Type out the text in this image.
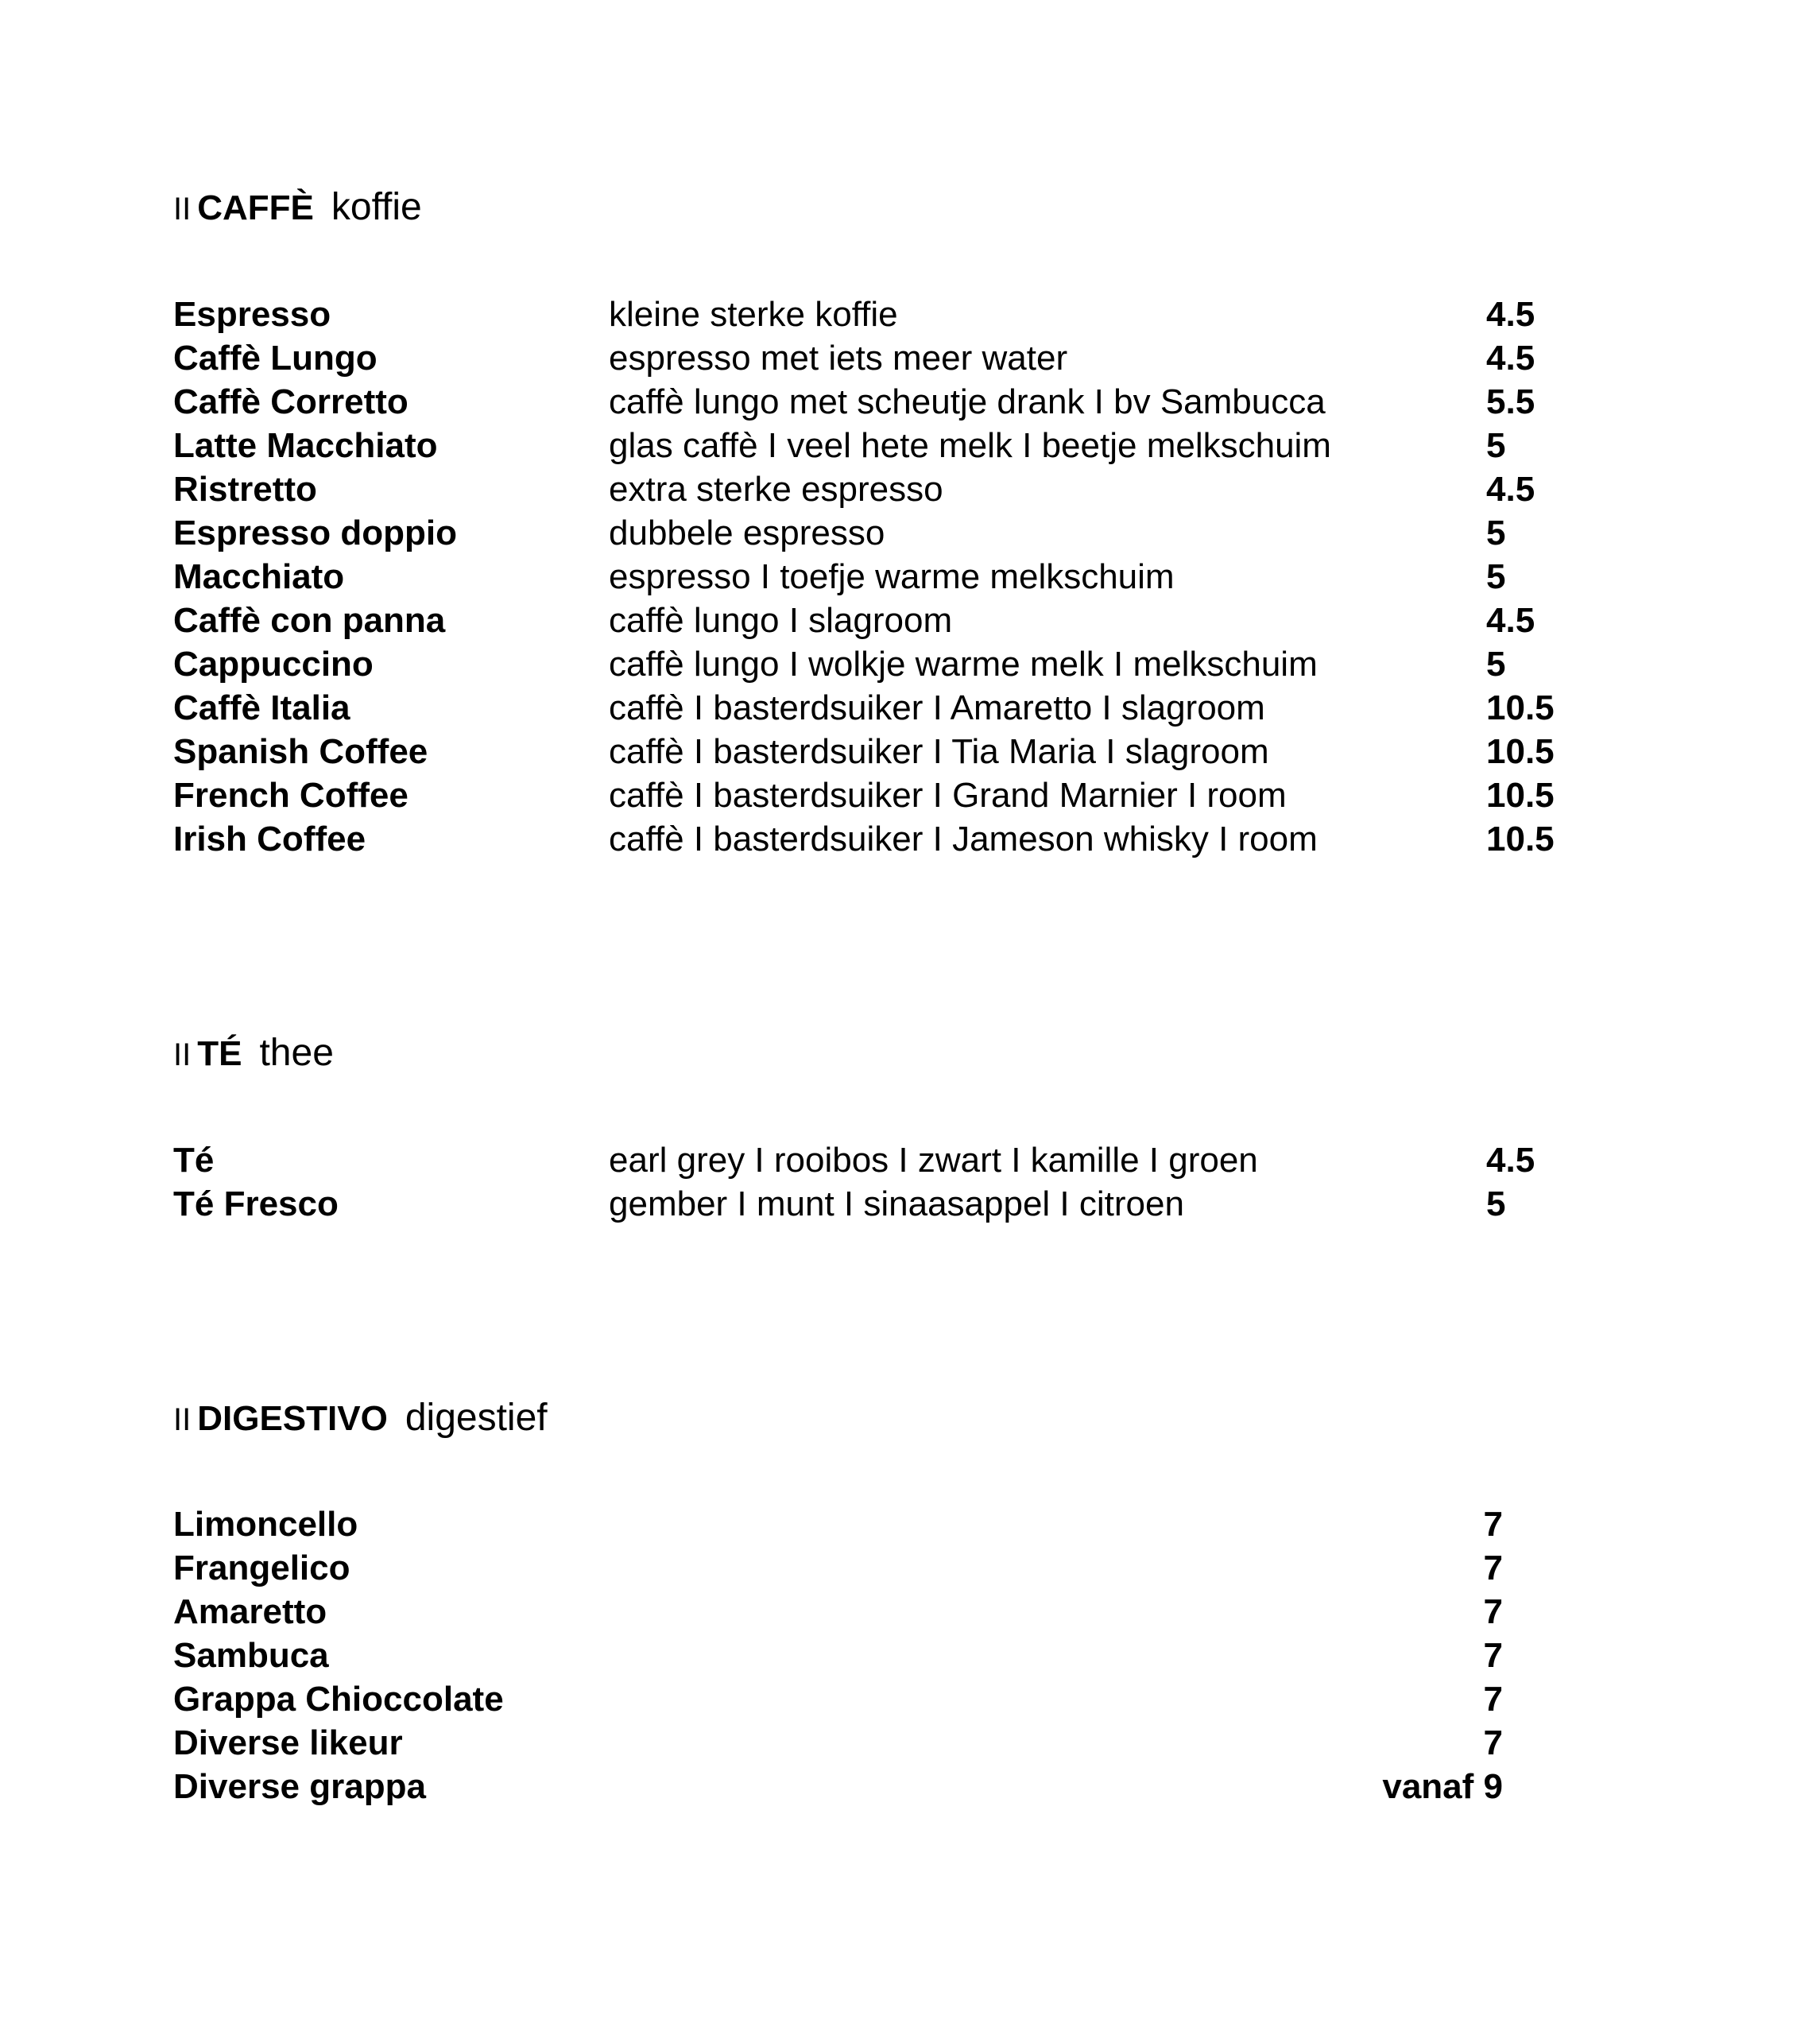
II CAFFÈ koffie
Espresso	kleine sterke koffie	4.5
Caffè Lungo	espresso met iets meer water	4.5
Caffè Corretto	caffè lungo met scheutje drank I bv Sambucca	5.5
Latte Macchiato	glas caffè I veel hete melk I beetje melkschuim	5
Ristretto	extra sterke espresso	4.5
Espresso doppio	dubbele espresso	5
Macchiato	espresso I toefje warme melkschuim	5
Caffè con panna	caffè lungo I slagroom	4.5
Cappuccino	caffè lungo I wolkje warme melk I melkschuim	5
Caffè Italia	caffè I basterdsuiker I Amaretto I slagroom	10.5
Spanish Coffee	caffè I basterdsuiker I Tia Maria I slagroom	10.5
French Coffee	caffè I basterdsuiker I Grand Marnier I room	10.5
Irish Coffee	caffè I basterdsuiker I Jameson whisky I room	10.5
II TÉ thee
Té	earl grey I rooibos I zwart I kamille I groen	4.5
Té Fresco	gember I munt I sinaasappel I citroen	5
II DIGESTIVO digestief
Limoncello	7
Frangelico	7
Amaretto	7
Sambuca	7
Grappa Chioccolate	7
Diverse likeur	7
Diverse grappa	vanaf 9
